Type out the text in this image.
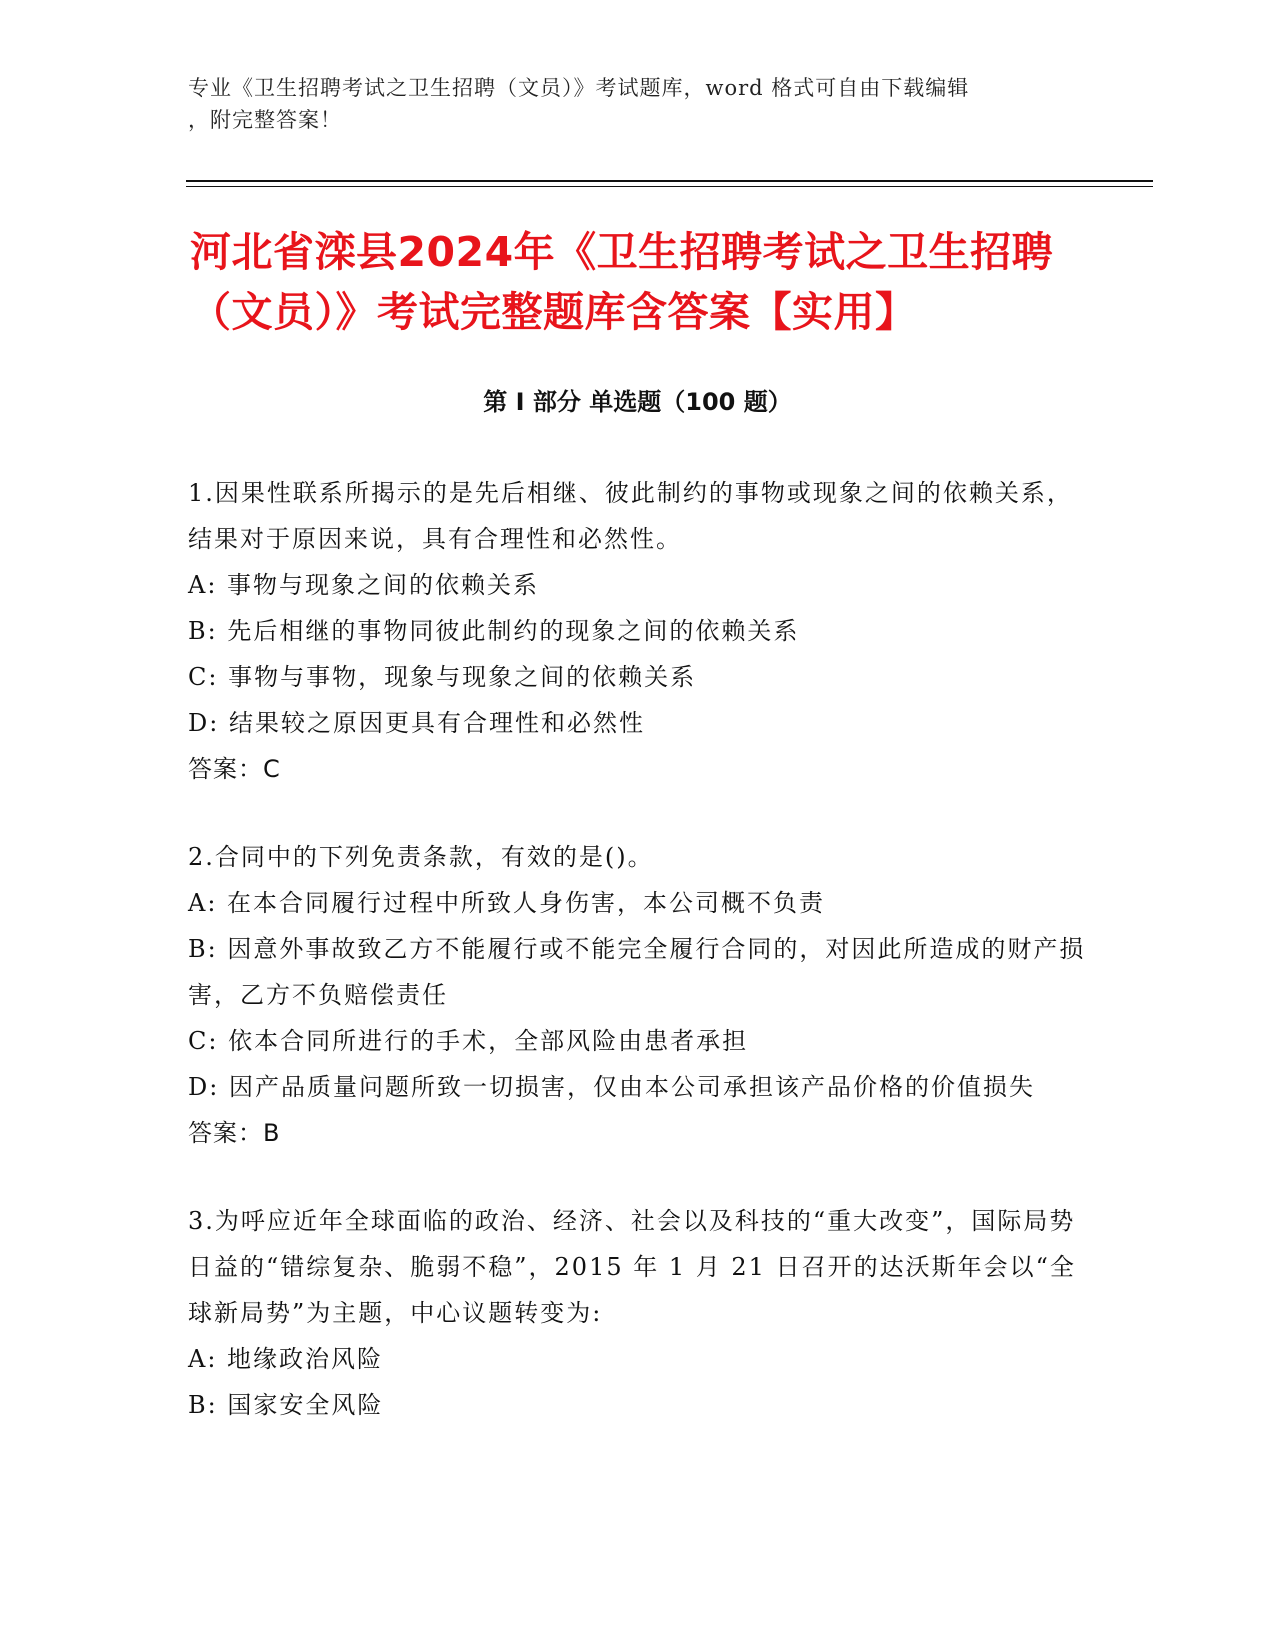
专业《卫生招聘考试之卫生招聘（文员）》考试题库，word 格式可自由下载编辑
，附完整答案！
河北省滦县2024年《卫生招聘考试之卫生招聘（文员）》考试完整题库含答案【实用】
第 I 部分 单选题（100 题）
1.因果性联系所揭示的是先后相继、彼此制约的事物或现象之间的依赖关系，结果对于原因来说，具有合理性和必然性。
A: 事物与现象之间的依赖关系
B: 先后相继的事物同彼此制约的现象之间的依赖关系
C: 事物与事物，现象与现象之间的依赖关系
D: 结果较之原因更具有合理性和必然性
答案：C
2.合同中的下列免责条款，有效的是()。
A: 在本合同履行过程中所致人身伤害，本公司概不负责
B: 因意外事故致乙方不能履行或不能完全履行合同的，对因此所造成的财产损害，乙方不负赔偿责任
C: 依本合同所进行的手术，全部风险由患者承担
D: 因产品质量问题所致一切损害，仅由本公司承担该产品价格的价值损失
答案：B
3.为呼应近年全球面临的政治、经济、社会以及科技的“重大改变”，国际局势日益的“错综复杂、脆弱不稳”，2015 年 1 月 21 日召开的达沃斯年会以“全球新局势”为主题，中心议题转变为:
A: 地缘政治风险
B: 国家安全风险
